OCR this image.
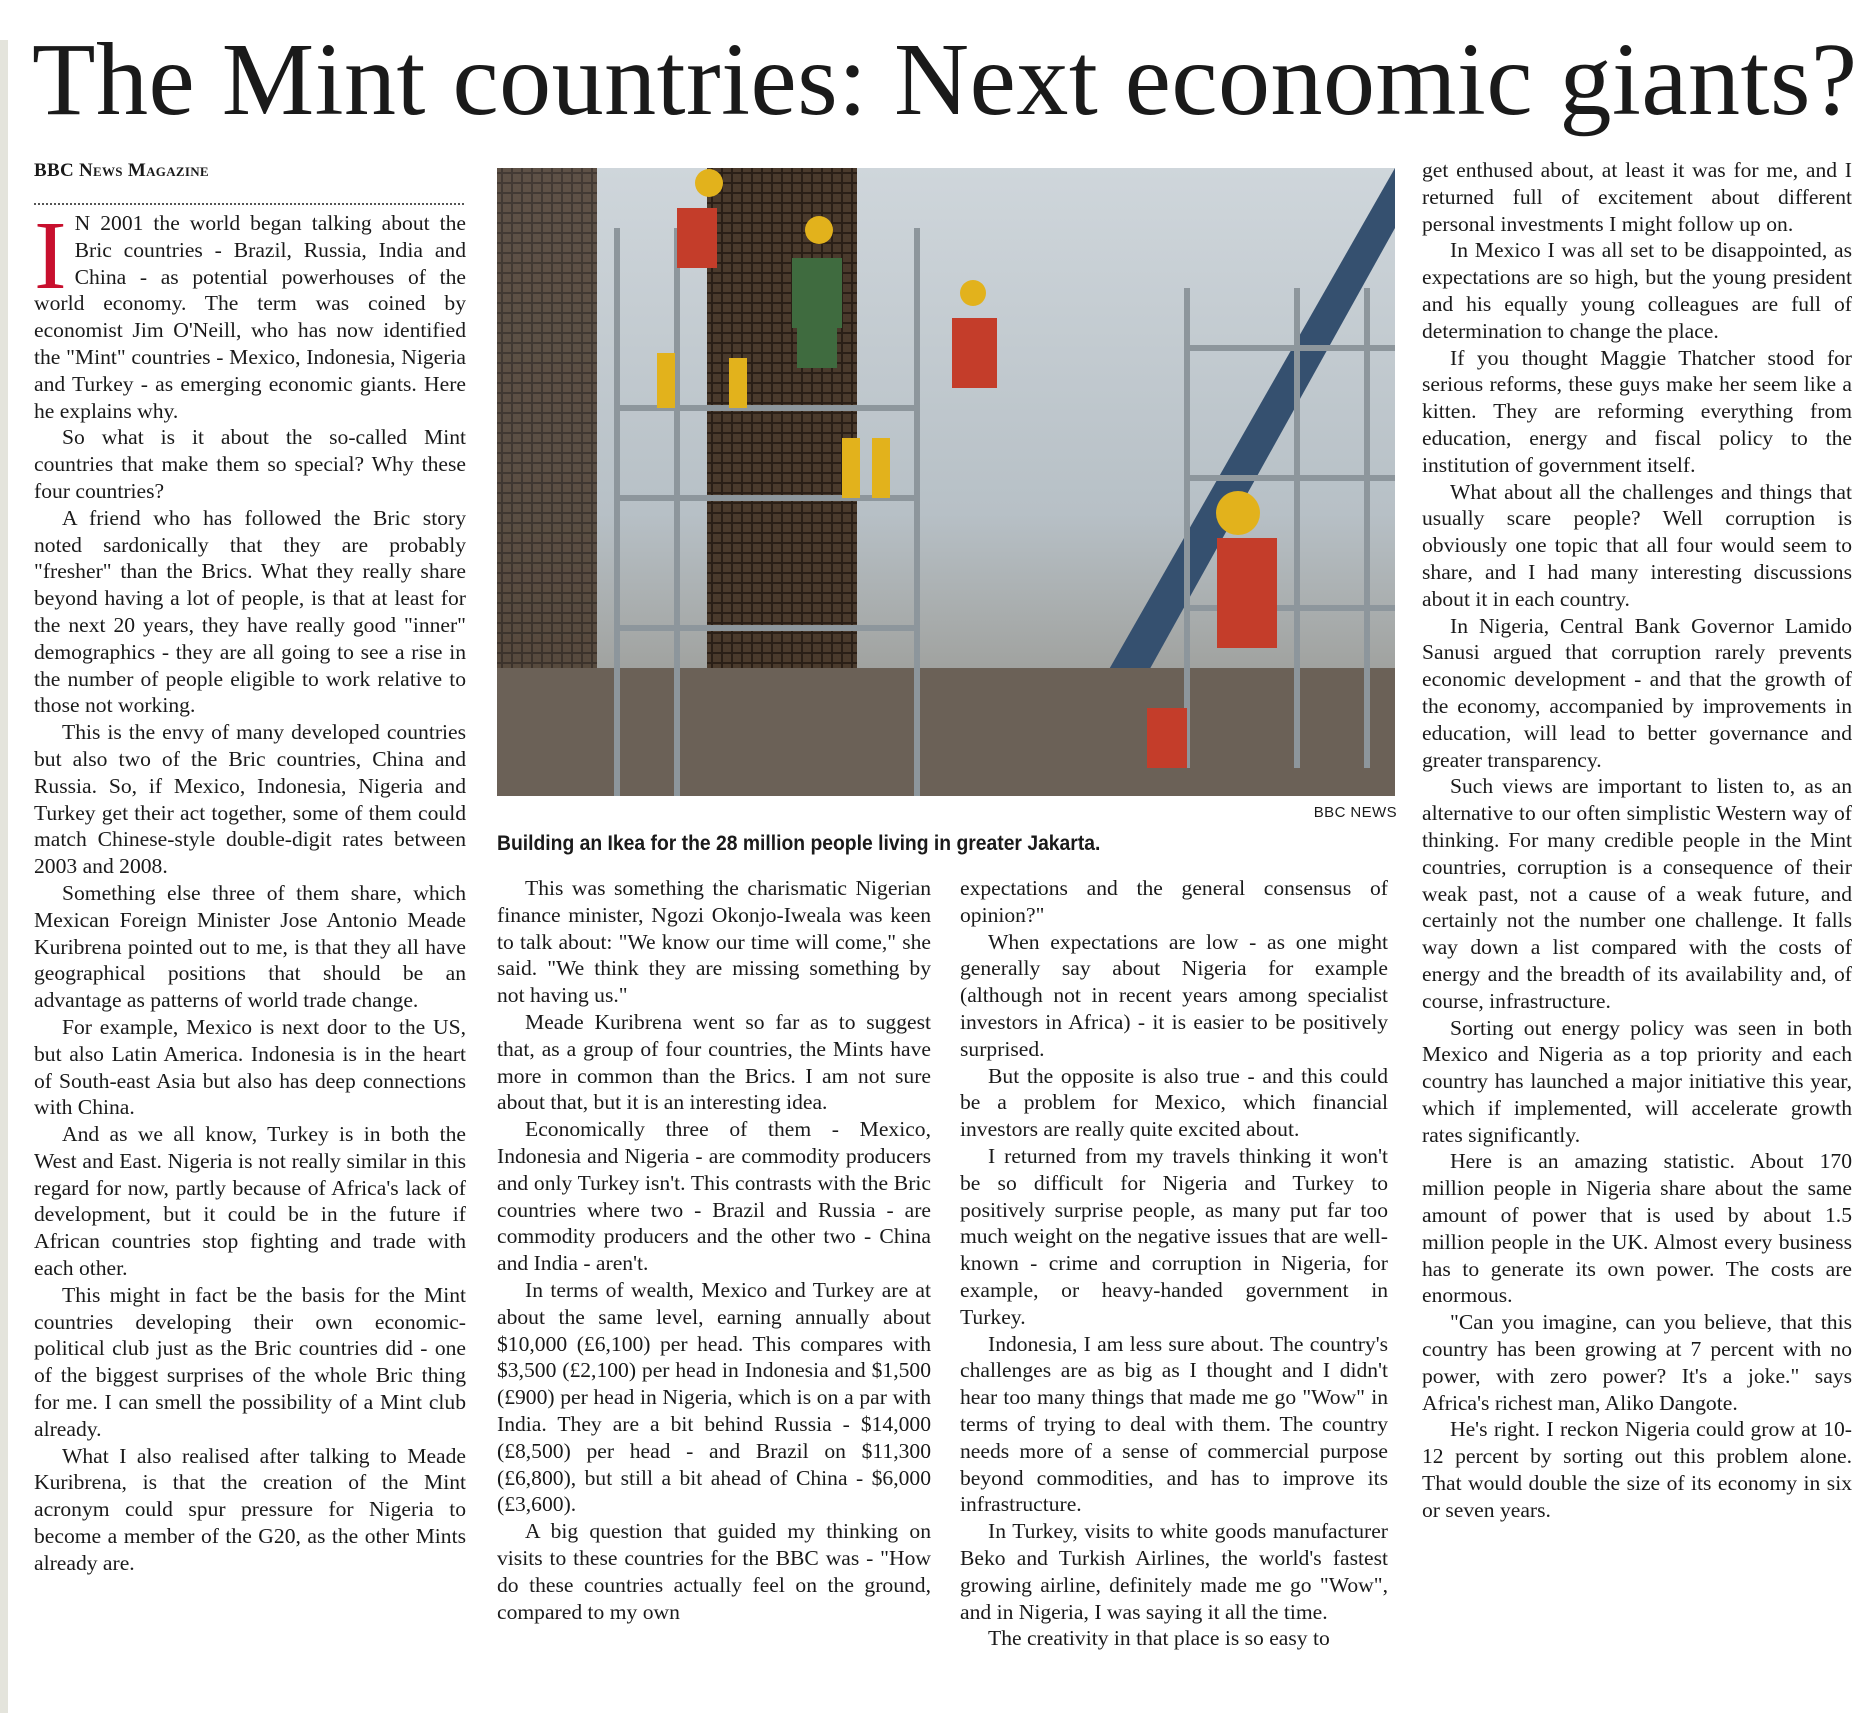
The Mint countries: Next economic giants?
BBC News Magazine
I N 2001 the world began talking about the Bric countries - Brazil, Russia, India and China - as potential powerhouses of the world economy. The term was coined by economist Jim O'Neill, who has now identified the "Mint" countries - Mexico, Indonesia, Nigeria and Turkey - as emerging economic giants. Here he explains why.

So what is it about the so-called Mint countries that make them so special? Why these four countries?

A friend who has followed the Bric story noted sardonically that they are probably "fresher" than the Brics. What they really share beyond having a lot of people, is that at least for the next 20 years, they have really good "inner" demographics - they are all going to see a rise in the number of people eligible to work relative to those not working.

This is the envy of many developed countries but also two of the Bric countries, China and Russia. So, if Mexico, Indonesia, Nigeria and Turkey get their act together, some of them could match Chinese-style double-digit rates between 2003 and 2008.

Something else three of them share, which Mexican Foreign Minister Jose Antonio Meade Kuribrena pointed out to me, is that they all have geographical positions that should be an advantage as patterns of world trade change.

For example, Mexico is next door to the US, but also Latin America. Indonesia is in the heart of South-east Asia but also has deep connections with China.

And as we all know, Turkey is in both the West and East. Nigeria is not really similar in this regard for now, partly because of Africa's lack of development, but it could be in the future if African countries stop fighting and trade with each other.

This might in fact be the basis for the Mint countries developing their own economic-political club just as the Bric countries did - one of the biggest surprises of the whole Bric thing for me. I can smell the possibility of a Mint club already.

What I also realised after talking to Meade Kuribrena, is that the creation of the Mint acronym could spur pressure for Nigeria to become a member of the G20, as the other Mints already are.

BBC NEWS
Building an Ikea for the 28 million people living in greater Jakarta.

This was something the charismatic Nigerian finance minister, Ngozi Okonjo-Iweala was keen to talk about: "We know our time will come," she said. "We think they are missing something by not having us."

Meade Kuribrena went so far as to suggest that, as a group of four countries, the Mints have more in common than the Brics. I am not sure about that, but it is an interesting idea.

Economically three of them - Mexico, Indonesia and Nigeria - are commodity producers and only Turkey isn't. This contrasts with the Bric countries where two - Brazil and Russia - are commodity producers and the other two - China and India - aren't.

In terms of wealth, Mexico and Turkey are at about the same level, earning annually about $10,000 (£6,100) per head. This compares with $3,500 (£2,100) per head in Indonesia and $1,500 (£900) per head in Nigeria, which is on a par with India. They are a bit behind Russia - $14,000 (£8,500) per head - and Brazil on $11,300 (£6,800), but still a bit ahead of China - $6,000 (£3,600).

A big question that guided my thinking on visits to these countries for the BBC was - "How do these countries actually feel on the ground, compared to my own

expectations and the general consensus of opinion?"

When expectations are low - as one might generally say about Nigeria for example (although not in recent years among specialist investors in Africa) - it is easier to be positively surprised.

But the opposite is also true - and this could be a problem for Mexico, which financial investors are really quite excited about.

I returned from my travels thinking it won't be so difficult for Nigeria and Turkey to positively surprise people, as many put far too much weight on the negative issues that are well-known - crime and corruption in Nigeria, for example, or heavy-handed government in Turkey.

Indonesia, I am less sure about. The country's challenges are as big as I thought and I didn't hear too many things that made me go "Wow" in terms of trying to deal with them. The country needs more of a sense of commercial purpose beyond commodities, and has to improve its infrastructure.

In Turkey, visits to white goods manufacturer Beko and Turkish Airlines, the world's fastest growing airline, definitely made me go "Wow", and in Nigeria, I was saying it all the time.

The creativity in that place is so easy to

get enthused about, at least it was for me, and I returned full of excitement about different personal investments I might follow up on.

In Mexico I was all set to be disappointed, as expectations are so high, but the young president and his equally young colleagues are full of determination to change the place.

If you thought Maggie Thatcher stood for serious reforms, these guys make her seem like a kitten. They are reforming everything from education, energy and fiscal policy to the institution of government itself.

What about all the challenges and things that usually scare people? Well corruption is obviously one topic that all four would seem to share, and I had many interesting discussions about it in each country.

In Nigeria, Central Bank Governor Lamido Sanusi argued that corruption rarely prevents economic development - and that the growth of the economy, accompanied by improvements in education, will lead to better governance and greater transparency.

Such views are important to listen to, as an alternative to our often simplistic Western way of thinking. For many credible people in the Mint countries, corruption is a consequence of their weak past, not a cause of a weak future, and certainly not the number one challenge. It falls way down a list compared with the costs of energy and the breadth of its availability and, of course, infrastructure.

Sorting out energy policy was seen in both Mexico and Nigeria as a top priority and each country has launched a major initiative this year, which if implemented, will accelerate growth rates significantly.

Here is an amazing statistic. About 170 million people in Nigeria share about the same amount of power that is used by about 1.5 million people in the UK. Almost every business has to generate its own power. The costs are enormous.

"Can you imagine, can you believe, that this country has been growing at 7 percent with no power, with zero power? It's a joke." says Africa's richest man, Aliko Dangote.

He's right. I reckon Nigeria could grow at 10-12 percent by sorting out this problem alone. That would double the size of its economy in six or seven years.
